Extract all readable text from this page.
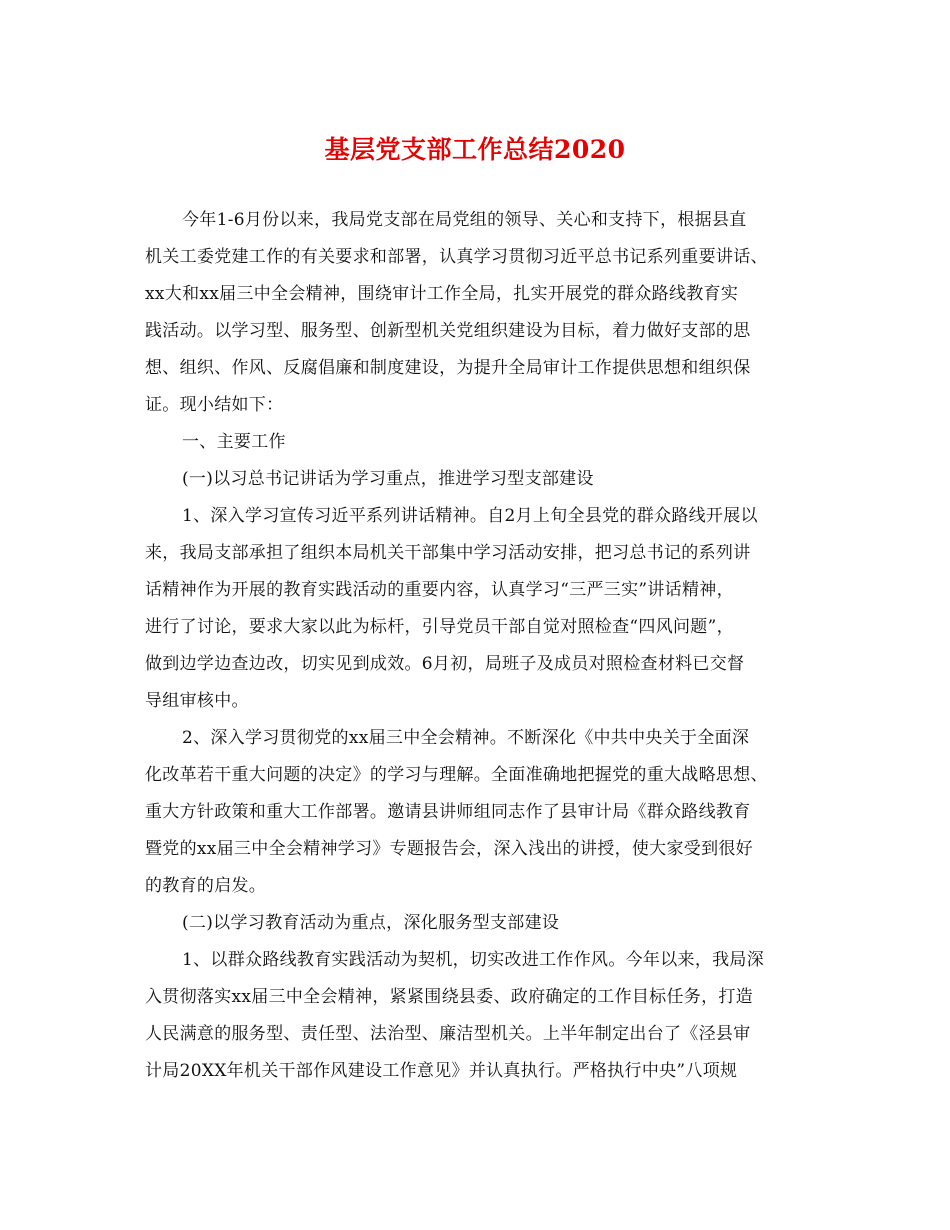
基层党支部工作总结2020
今年1-6月份以来，我局党支部在局党组的领导、关心和支持下，根据县直
机关工委党建工作的有关要求和部署，认真学习贯彻习近平总书记系列重要讲话、
xx大和xx届三中全会精神，围绕审计工作全局，扎实开展党的群众路线教育实
践活动。以学习型、服务型、创新型机关党组织建设为目标，着力做好支部的思
想、组织、作风、反腐倡廉和制度建设，为提升全局审计工作提供思想和组织保
证。现小结如下：
一、主要工作
(一)以习总书记讲话为学习重点，推进学习型支部建设
1、深入学习宣传习近平系列讲话精神。自2月上旬全县党的群众路线开展以
来，我局支部承担了组织本局机关干部集中学习活动安排，把习总书记的系列讲
话精神作为开展的教育实践活动的重要内容，认真学习“三严三实”讲话精神，
进行了讨论，要求大家以此为标杆，引导党员干部自觉对照检查“四风问题”，
做到边学边查边改，切实见到成效。6月初，局班子及成员对照检查材料已交督
导组审核中。
2、深入学习贯彻党的xx届三中全会精神。不断深化《中共中央关于全面深
化改革若干重大问题的决定》的学习与理解。全面准确地把握党的重大战略思想、
重大方针政策和重大工作部署。邀请县讲师组同志作了县审计局《群众路线教育
暨党的xx届三中全会精神学习》专题报告会，深入浅出的讲授，使大家受到很好
的教育的启发。
(二)以学习教育活动为重点，深化服务型支部建设
1、以群众路线教育实践活动为契机，切实改进工作作风。今年以来，我局深
入贯彻落实xx届三中全会精神，紧紧围绕县委、政府确定的工作目标任务，打造
人民满意的服务型、责任型、法治型、廉洁型机关。上半年制定出台了《泾县审
计局20XX年机关干部作风建设工作意见》并认真执行。严格执行中央”八项规
